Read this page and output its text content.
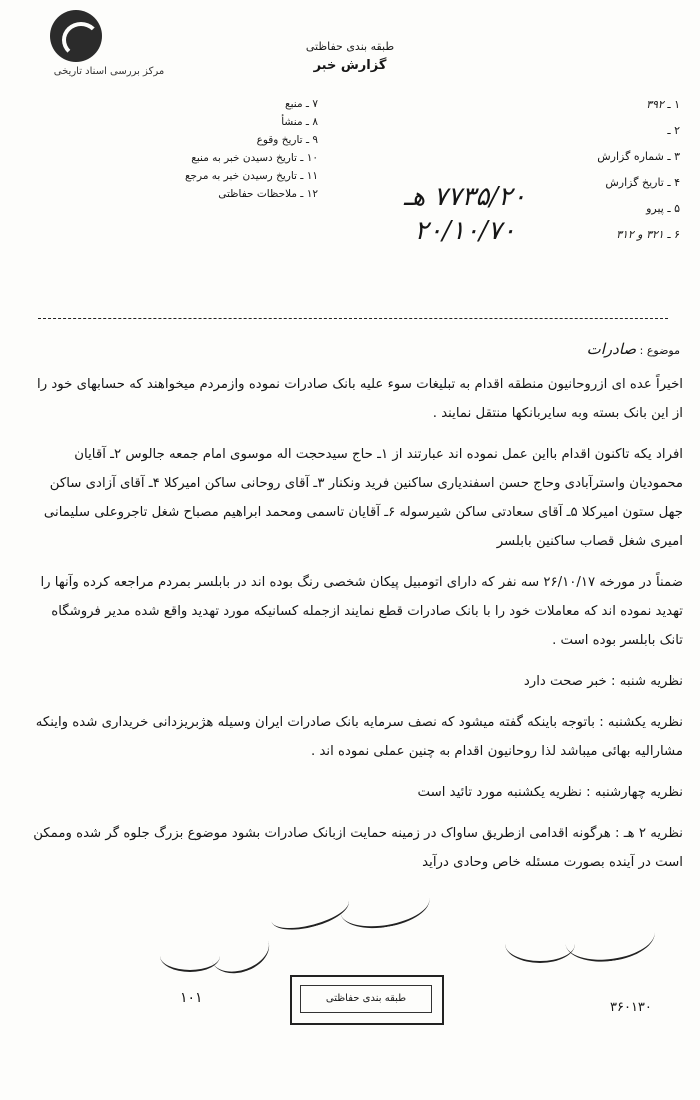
مرکز بررسی اسناد تاریخی
طبقه بندی حفاظتی
گزارش خبر
۷ ـ منبع
۸ ـ منشأ
۹ ـ تاریخ وقوع
۱۰ ـ تاریخ دسیدن خبر به منبع
۱۱ ـ تاریخ رسیدن خبر به مرجع
۱۲ ـ ملاحظات حفاظتی
۱ ـ ۳۹۲
۲ ـ
۳ ـ شماره گزارش
۴ ـ تاریخ گزارش
۵ ـ پیرو
۶ ـ ۳۲۱ و ۳۱۲
۷۷۳۵/۲۰ هـ
۲۰/۱۰/۷۰
موضوع : صادرات

اخیراً عده ای ازروحانیون منطقه اقدام به تبلیغات سوء علیه بانک صادرات نموده وازمردم میخواهند که حسابهای خود را از این بانک بسته وبه سایربانکها منتقل نمایند .

افراد یکه تاکنون اقدام بااین عمل نموده اند عبارتند از ۱ـ حاج سیدحجت اله موسوی امام جمعه جالوس ۲ـ آقایان محمودیان واسترآبادی وحاج حسن اسفندیاری ساکنین فرید ونکنار ۳ـ آقای روحانی ساکن امیرکلا ۴ـ آقای آزادی ساکن جهل ستون امیرکلا ۵ـ آقای سعادتی ساکن شیرسوله ۶ـ آقایان تاسمی ومحمد ابراهیم مصباح شغل تاجروعلی سلیمانی امیری شغل قصاب ساکنین بابلسر

ضمناً در مورخه ۲۶/۱۰/۱۷ سه نفر که دارای اتومبیل پیکان شخصی رنگ بوده اند در بابلسر بمردم مراجعه کرده وآنها را تهدید نموده اند که معاملات خود را با بانک صادرات قطع نمایند ازجمله کسانیکه مورد تهدید واقع شده مدیر فروشگاه تانک بابلسر بوده است .

نظریه شنبه : خبر صحت دارد

نظریه یکشنبه : باتوجه باینکه گفته میشود که نصف سرمایه بانک صادرات ایران وسیله هژبریزدانی خریداری شده واینکه مشارالیه بهائی میباشد لذا روحانیون اقدام به چنین عملی نموده اند .

نظریه چهارشنبه : نظریه یکشنبه مورد تائید است

نظریه ۲ هـ : هرگونه اقدامی ازطریق ساواک در زمینه حمایت ازبانک صادرات بشود موضوع بزرگ جلوه گر شده وممکن است در آینده بصورت مسئله خاص وحادی درآید

۱۰۱
۳۶۰۱۳۰
طبقه بندی حفاظتی
